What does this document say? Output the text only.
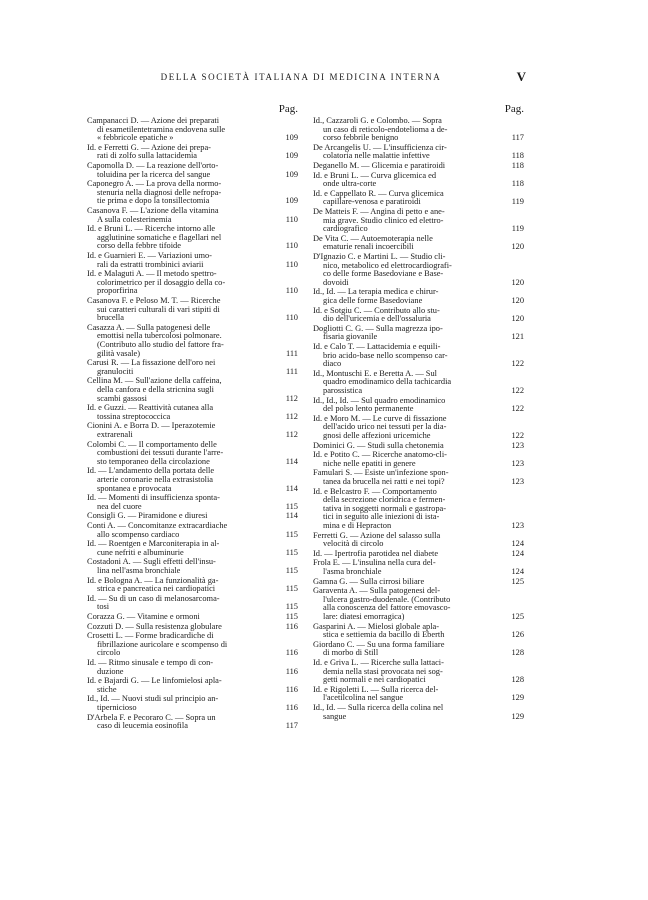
DELLA SOCIETÀ ITALIANA DI MEDICINA INTERNA	V
Pag.
Campanacci D. — Azione dei preparati
di esametilentetramina endovena sulle
« febbricole epatiche »	109
Id. e Ferretti G. — Azione dei prepa-
rati di zolfo sulla lattacidemia	109
Capomolla D. — La reazione dell'orto-
toluidina per la ricerca del sangue	109
Caponegro A. — La prova della normo-
stenuria nella diagnosi delle nefropa-
tie prima e dopo la tonsillectomia	109
Casanova F. — L'azione della vitamina
A sulla colesterinemia	110
Id. e Bruni L. — Ricerche intorno alle
agglutinine somatiche e flagellari nel
corso della febbre tifoide	110
Id. e Guarnieri E. — Variazioni umo-
rali da estratti trombinici aviarii	110
Id. e Malaguti A. — Il metodo spettro-
colorimetrico per il dosaggio della co-
proporfirina	110
Casanova F. e Peloso M. T. — Ricerche
sui caratteri culturali di vari stipiti di
brucella	110
Casazza A. — Sulla patogenesi delle
emottisi nella tubercolosi polmonare.
(Contributo allo studio del fattore fra-
gilità vasale)	111
Carusi R. — La fissazione dell'oro nei
granulociti	111
Cellina M. — Sull'azione della caffeina,
della canfora e della stricnina sugli
scambi gassosi	112
Id. e Guzzi. — Reattività cutanea alla
tossina streptococcica	112
Cionini A. e Borra D. — Iperazotemie
extrarenali	112
Colombi C. — Il comportamento delle
combustioni dei tessuti durante l'arre-
sto temporaneo della circolazione	114
Id. — L'andamento della portata delle
arterie coronarie nella extrasistolia
spontanea e provocata	114
Id. — Momenti di insufficienza sponta-
nea del cuore	115
Consigli G. — Piramidone e diuresi	114
Conti A. — Concomitanze extracardiache
allo scompenso cardiaco	115
Id. — Roentgen e Marconiterapia in al-
cune nefriti e albuminurie	115
Costadoni A. — Sugli effetti dell'insu-
lina nell'asma bronchiale	115
Id. e Bologna A. — La funzionalità ga-
strica e pancreatica nei cardiopatici	115
Id. — Su di un caso di melanosarcoma-
tosi	115
Corazza G. — Vitamine e ormoni	115
Cozzuti D. — Sulla resistenza globulare	116
Crosetti L. — Forme bradicardiche di
fibrillazione auricolare e scompenso di
circolo	116
Id. — Ritmo sinusale e tempo di con-
duzione	116
Id. e Bajardi G. — Le linfomielosi apla-
stiche	116
Id., Id. — Nuovi studi sul principio an-
tipernicioso	116
D'Arbela F. e Pecoraro C. — Sopra un
caso di leucemia eosinofila	117
Pag.
Id., Cazzaroli G. e Colombo. — Sopra
un caso di reticolo-endotelioma a de-
corso febbrile benigno	117
De Arcangelis U. — L'insufficienza cir-
colatoria nelle malattie infettive	118
Deganello M. — Glicemia e paratiroidi	118
Id. e Bruni L. — Curva glicemica ed
onde ultra-corte	118
Id. e Cappellato R. — Curva glicemica
capillare-venosa e paratiroidi	119
De Matteis F. — Angina di petto e ane-
mia grave. Studio clinico ed elettro-
cardiografico	119
De Vita C. — Autoemoterapia nelle
ematurie renali incoercibili	120
D'Ignazio C. e Martini L. — Studio cli-
nico, metabolico ed elettrocardiografi-
co delle forme Basedoviane e Base-
dovoidi	120
Id., Id. — La terapia medica e chirur-
gica delle forme Basedoviane	120
Id. e Sotgiu C. — Contributo allo stu-
dio dell'uricemia e dell'ossaluria	120
Dogliotti C. G. — Sulla magrezza ipo-
fisaria giovanile	121
Id. e Calo T. — Lattacidemia e equili-
brio acido-base nello scompenso car-
diaco	122
Id., Montuschi E. e Beretta A. — Sul
quadro emodinamico della tachicardia
parossistica	122
Id., Id., Id. — Sul quadro emodinamico
del polso lento permanente	122
Id. e Moro M. — Le curve di fissazione
dell'acido urico nei tessuti per la dia-
gnosi delle affezioni uricemiche	122
Dominici G. — Studi sulla chetonemia	123
Id. e Potito C. — Ricerche anatomo-cli-
niche nelle epatiti in genere	123
Famulari S. — Esiste un'infezione spon-
tanea da brucella nei ratti e nei topi?	123
Id. e Belcastro F. — Comportamento
della secrezione cloridrica e fermen-
tativa in soggetti normali e gastropa-
tici in seguito alle iniezioni di ista-
mina e di Hepracton	123
Ferretti G. — Azione del salasso sulla
velocità di circolo	124
Id. — Ipertrofia parotidea nel diabete	124
Frola E. — L'insulina nella cura del-
l'asma bronchiale	124
Gamna G. — Sulla cirrosi biliare	125
Garaventa A. — Sulla patogenesi del-
l'ulcera gastro-duodenale. (Contributo
alla conoscenza del fattore emovasco-
lare: diatesi emorragica)	125
Gasparini A. — Mielosi globale apla-
stica e settiemia da bacillo di Eberth	126
Giordano C. — Su una forma familiare
di morbo di Still	128
Id. e Griva L. — Ricerche sulla lattaci-
demia nella stasi provocata nei sog-
getti normali e nei cardiopatici	128
Id. e Rigoletti L. — Sulla ricerca del-
l'acetilcolina nel sangue	129
Id., Id. — Sulla ricerca della colina nel
sangue	129
